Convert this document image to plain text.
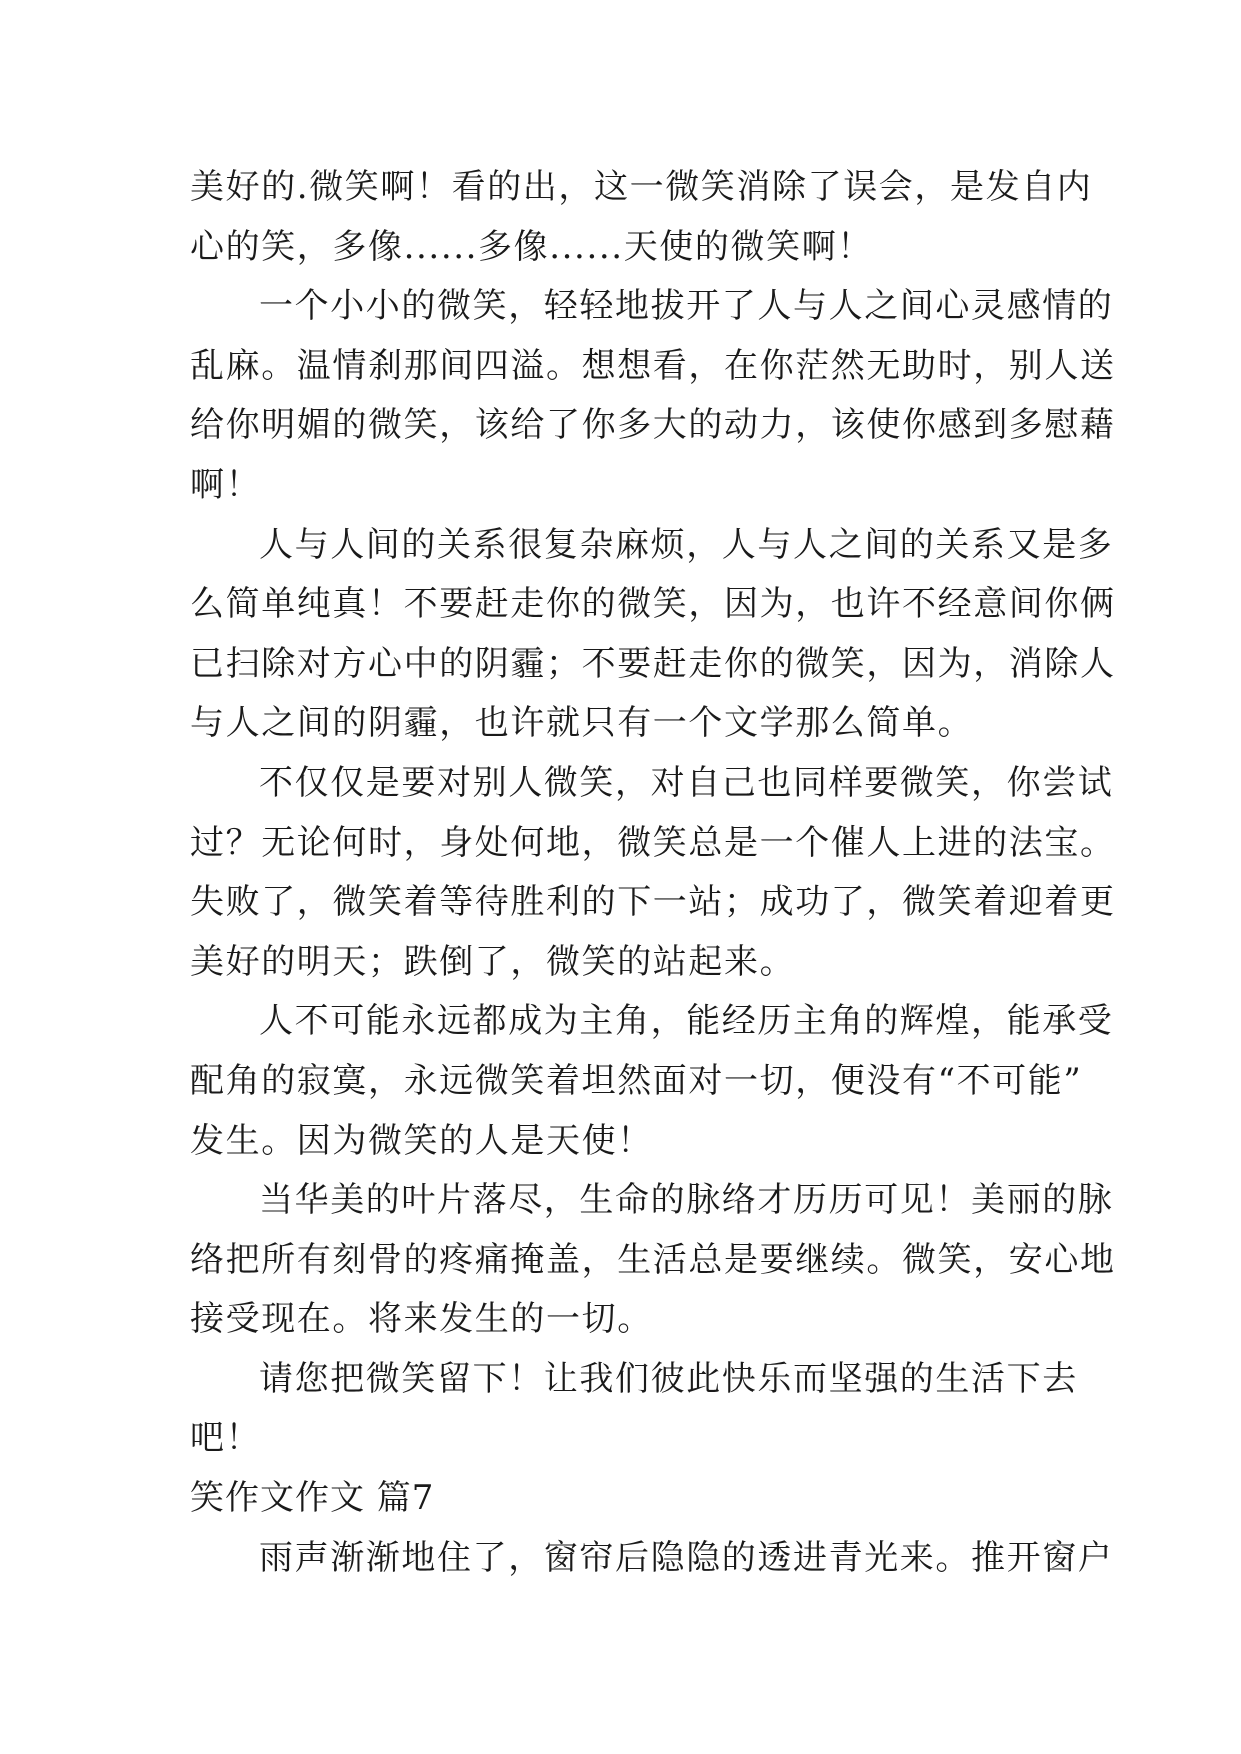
美好的.微笑啊！看的出，这一微笑消除了误会，是发自内
心的笑，多像......多像......天使的微笑啊！
一个小小的微笑，轻轻地拔开了人与人之间心灵感情的
乱麻。温情刹那间四溢。想想看，在你茫然无助时，别人送
给你明媚的微笑，该给了你多大的动力，该使你感到多慰藉
啊！
人与人间的关系很复杂麻烦，人与人之间的关系又是多
么简单纯真！不要赶走你的微笑，因为，也许不经意间你俩
已扫除对方心中的阴霾；不要赶走你的微笑，因为，消除人
与人之间的阴霾，也许就只有一个文学那么简单。
不仅仅是要对别人微笑，对自己也同样要微笑，你尝试
过？无论何时，身处何地，微笑总是一个催人上进的法宝。
失败了，微笑着等待胜利的下一站；成功了，微笑着迎着更
美好的明天；跌倒了，微笑的站起来。
人不可能永远都成为主角，能经历主角的辉煌，能承受
配角的寂寞，永远微笑着坦然面对一切，便没有“不可能”
发生。因为微笑的人是天使！
当华美的叶片落尽，生命的脉络才历历可见！美丽的脉
络把所有刻骨的疼痛掩盖，生活总是要继续。微笑，安心地
接受现在。将来发生的一切。
请您把微笑留下！让我们彼此快乐而坚强的生活下去
吧！
笑作文作文 篇7
雨声渐渐地住了，窗帘后隐隐的透进青光来。推开窗户
